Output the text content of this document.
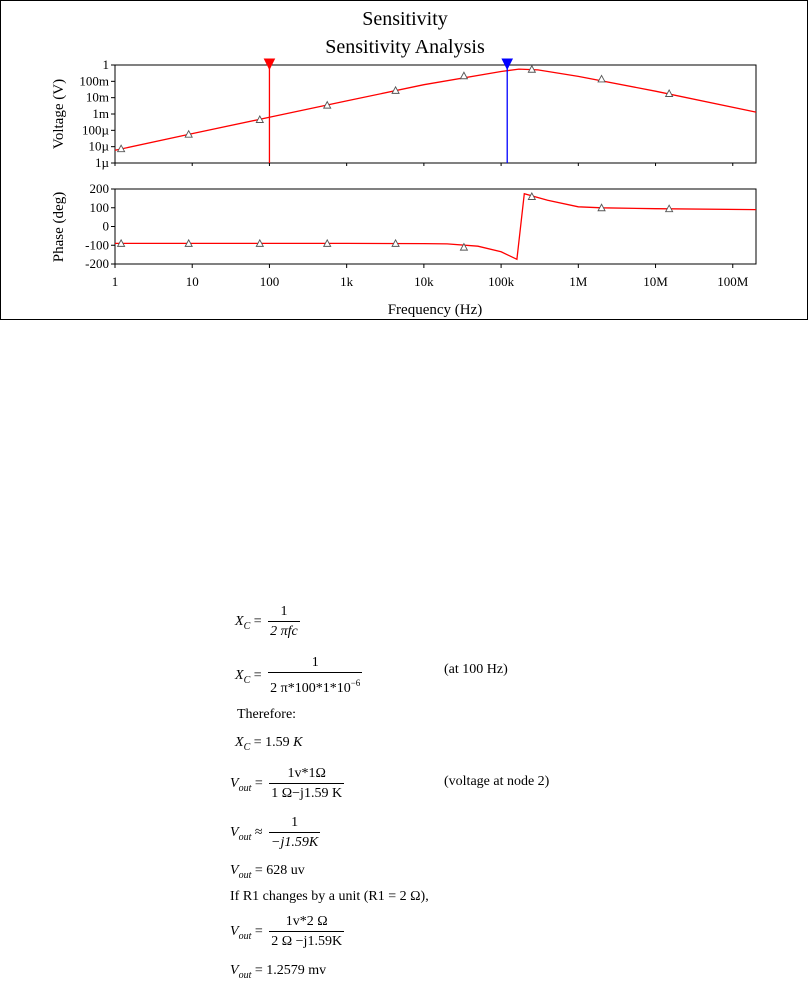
Sensitivity
Sensitivity Analysis
Voltage (V)
Phase (deg)
Frequency (Hz)
1
100m
10m
1m
100µ
10µ
1µ
200
100
0
-100
-200
1	10	100	1k	10k	100k	1M	10M	100M
$X_C = \frac{1}{\text{2 πfc}}$
$X_C = \frac{1}{2 \pi*100*1*10^{-6}}$	(at 100 Hz)
Therefore:
$X_C = 1.59$ K
$V_{out} = \frac{1v*1\Omega}{1 \Omega-j1.59 K}$	(voltage at node 2)
$V_{out} \approx \frac{1}{-j1.59K}$
$V_{out} = 628$ uv
If R1 changes by a unit (R1 = 2 Ω),
$V_{out} = \frac{1v*2 \Omega}{2 \Omega -j1.59K}$
$V_{out} = 1.2579$ mv
